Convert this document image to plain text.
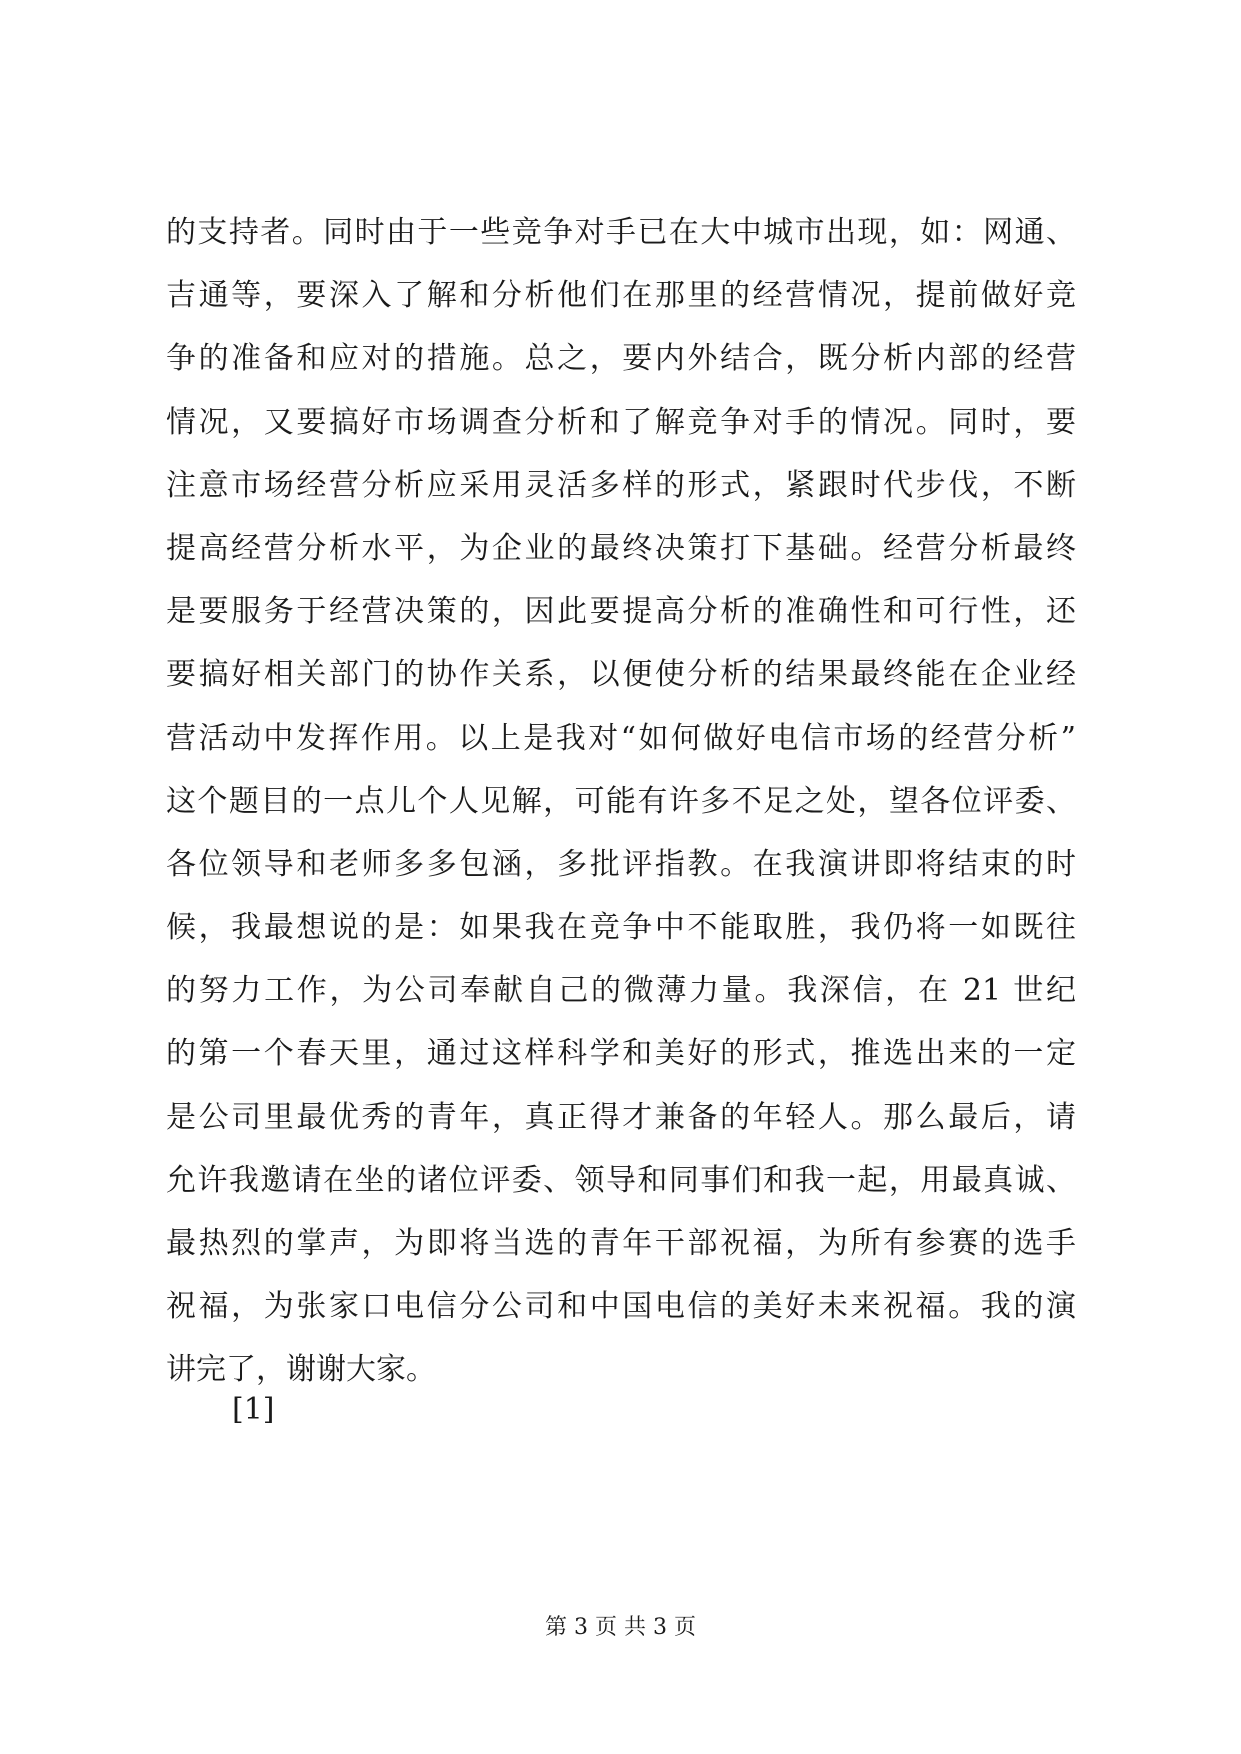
的支持者。同时由于一些竞争对手已在大中城市出现，如：网通、
吉通等，要深入了解和分析他们在那里的经营情况，提前做好竞
争的准备和应对的措施。总之，要内外结合，既分析内部的经营
情况，又要搞好市场调查分析和了解竞争对手的情况。同时，要
注意市场经营分析应采用灵活多样的形式，紧跟时代步伐，不断
提高经营分析水平，为企业的最终决策打下基础。经营分析最终
是要服务于经营决策的，因此要提高分析的准确性和可行性，还
要搞好相关部门的协作关系，以便使分析的结果最终能在企业经
营活动中发挥作用。以上是我对“如何做好电信市场的经营分析”
这个题目的一点儿个人见解，可能有许多不足之处，望各位评委、
各位领导和老师多多包涵，多批评指教。在我演讲即将结束的时
候，我最想说的是：如果我在竞争中不能取胜，我仍将一如既往
的努力工作，为公司奉献自己的微薄力量。我深信，在 21 世纪
的第一个春天里，通过这样科学和美好的形式，推选出来的一定
是公司里最优秀的青年，真正得才兼备的年轻人。那么最后，请
允许我邀请在坐的诸位评委、领导和同事们和我一起，用最真诚、
最热烈的掌声，为即将当选的青年干部祝福，为所有参赛的选手
祝福，为张家口电信分公司和中国电信的美好未来祝福。我的演
讲完了，谢谢大家。
[1]
第 3 页 共 3 页
